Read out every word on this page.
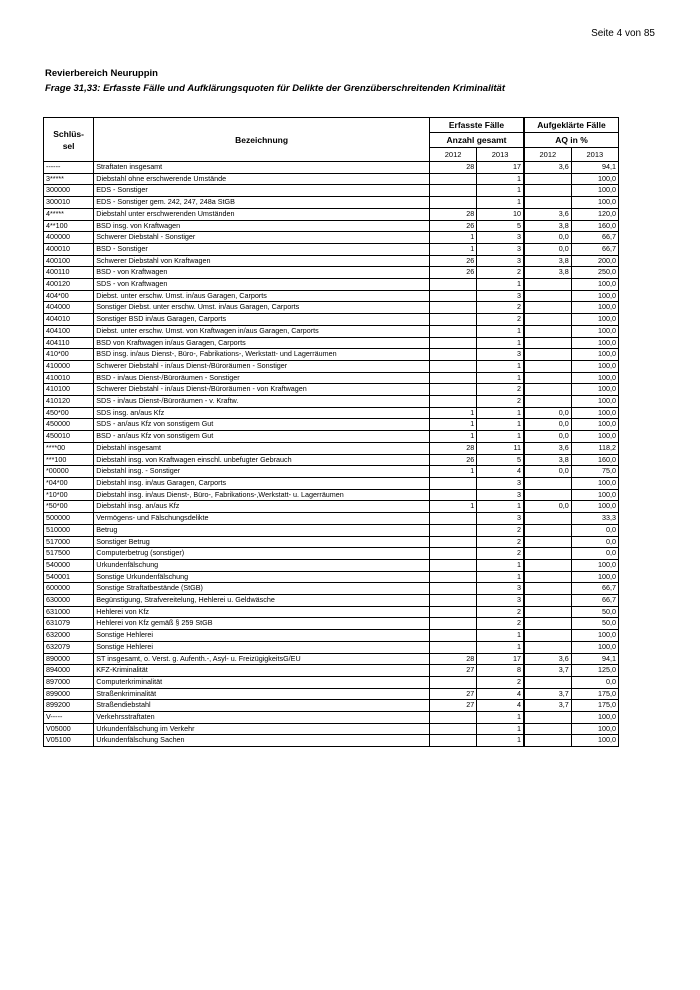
Seite 4 von 85
Revierbereich Neuruppin
Frage 31,33: Erfasste Fälle und Aufklärungsquoten für Delikte der Grenzüberschreitenden Kriminalität
Schlüs-
sel	Bezeichnung	Erfasste Fälle		Aufgeklärte Fälle	
		Anzahl gesamt		AQ in %	
		2012	2013	2012	2013
------	Straftaten insgesamt	28	17	3,6	94,1
3*****	Diebstahl ohne erschwerende Umstände		1		100,0
300000	EDS - Sonstiger		1		100,0
300010	EDS - Sonstiger gem. 242, 247, 248a StGB		1		100,0
4*****	Diebstahl unter erschwerenden Umständen	28	10	3,6	120,0
4**100	BSD insg. von Kraftwagen	26	5	3,8	160,0
400000	Schwerer Diebstahl - Sonstiger	1	3	0,0	66,7
400010	BSD - Sonstiger	1	3	0,0	66,7
400100	Schwerer Diebstahl von Kraftwagen	26	3	3,8	200,0
400110	BSD - von Kraftwagen	26	2	3,8	250,0
400120	SDS - von Kraftwagen		1		100,0
404*00	Diebst. unter erschw. Umst. in/aus Garagen, Carports		3		100,0
404000	Sonstiger Diebst. unter erschw. Umst. in/aus Garagen, Carports		2		100,0
404010	Sonstiger BSD in/aus Garagen, Carports		2		100,0
404100	Diebst. unter erschw. Umst. von Kraftwagen in/aus Garagen, Carports		1		100,0
404110	BSD von Kraftwagen in/aus Garagen, Carports		1		100,0
410*00	BSD insg. in/aus Dienst-, Büro-, Fabrikations-, Werkstatt- und Lagerräumen		3		100,0
410000	Schwerer Diebstahl - in/aus Dienst-/Büroräumen - Sonstiger		1		100,0
410010	BSD - in/aus Dienst-/Büroräumen - Sonstiger		1		100,0
410100	Schwerer Diebstahl - in/aus Dienst-/Büroräumen - von Kraftwagen		2		100,0
410120	SDS - in/aus Dienst-/Büroräumen - v. Kraftw.		2		100,0
450*00	SDS insg. an/aus Kfz	1	1	0,0	100,0
450000	SDS - an/aus Kfz von sonstigem Gut	1	1	0,0	100,0
450010	BSD - an/aus Kfz von sonstigem Gut	1	1	0,0	100,0
****00	Diebstahl insgesamt	28	11	3,6	118,2
***100	Diebstahl insg. von Kraftwagen einschl. unbefugter Gebrauch	26	5	3,8	160,0
*00000	Diebstahl insg. - Sonstiger	1	4	0,0	75,0
*04*00	Diebstahl insg. in/aus Garagen, Carports		3		100,0
*10*00	Diebstahl insg. in/aus Dienst-, Büro-, Fabrikations-,Werkstatt- u. Lagerräumen		3		100,0
*50*00	Diebstahl insg. an/aus Kfz	1	1	0,0	100,0
500000	Vermögens- und Fälschungsdelikte		3		33,3
510000	Betrug		2		0,0
517000	Sonstiger Betrug		2		0,0
517500	Computerbetrug (sonstiger)		2		0,0
540000	Urkundenfälschung		1		100,0
540001	Sonstige Urkundenfälschung		1		100,0
600000	Sonstige Straftatbestände (StGB)		3		66,7
630000	Begünstigung, Strafvereitelung, Hehlerei u. Geldwäsche		3		66,7
631000	Hehlerei von Kfz		2		50,0
631079	Hehlerei von Kfz gemäß § 259 StGB		2		50,0
632000	Sonstige Hehlerei		1		100,0
632079	Sonstige Hehlerei		1		100,0
890000	ST insgesamt, o. Verst. g. Aufenth.-, Asyl- u. FreizügigkeitsG/EU	28	17	3,6	94,1
894000	KFZ-Kriminalität	27	8	3,7	125,0
897000	Computerkriminalität		2		0,0
899000	Straßenkriminalität	27	4	3,7	175,0
899200	Straßendiebstahl	27	4	3,7	175,0
V-----	Verkehrsstraftaten		1		100,0
V05000	Urkundenfälschung im Verkehr		1		100,0
V05100	Urkundenfälschung Sachen		1		100,0
